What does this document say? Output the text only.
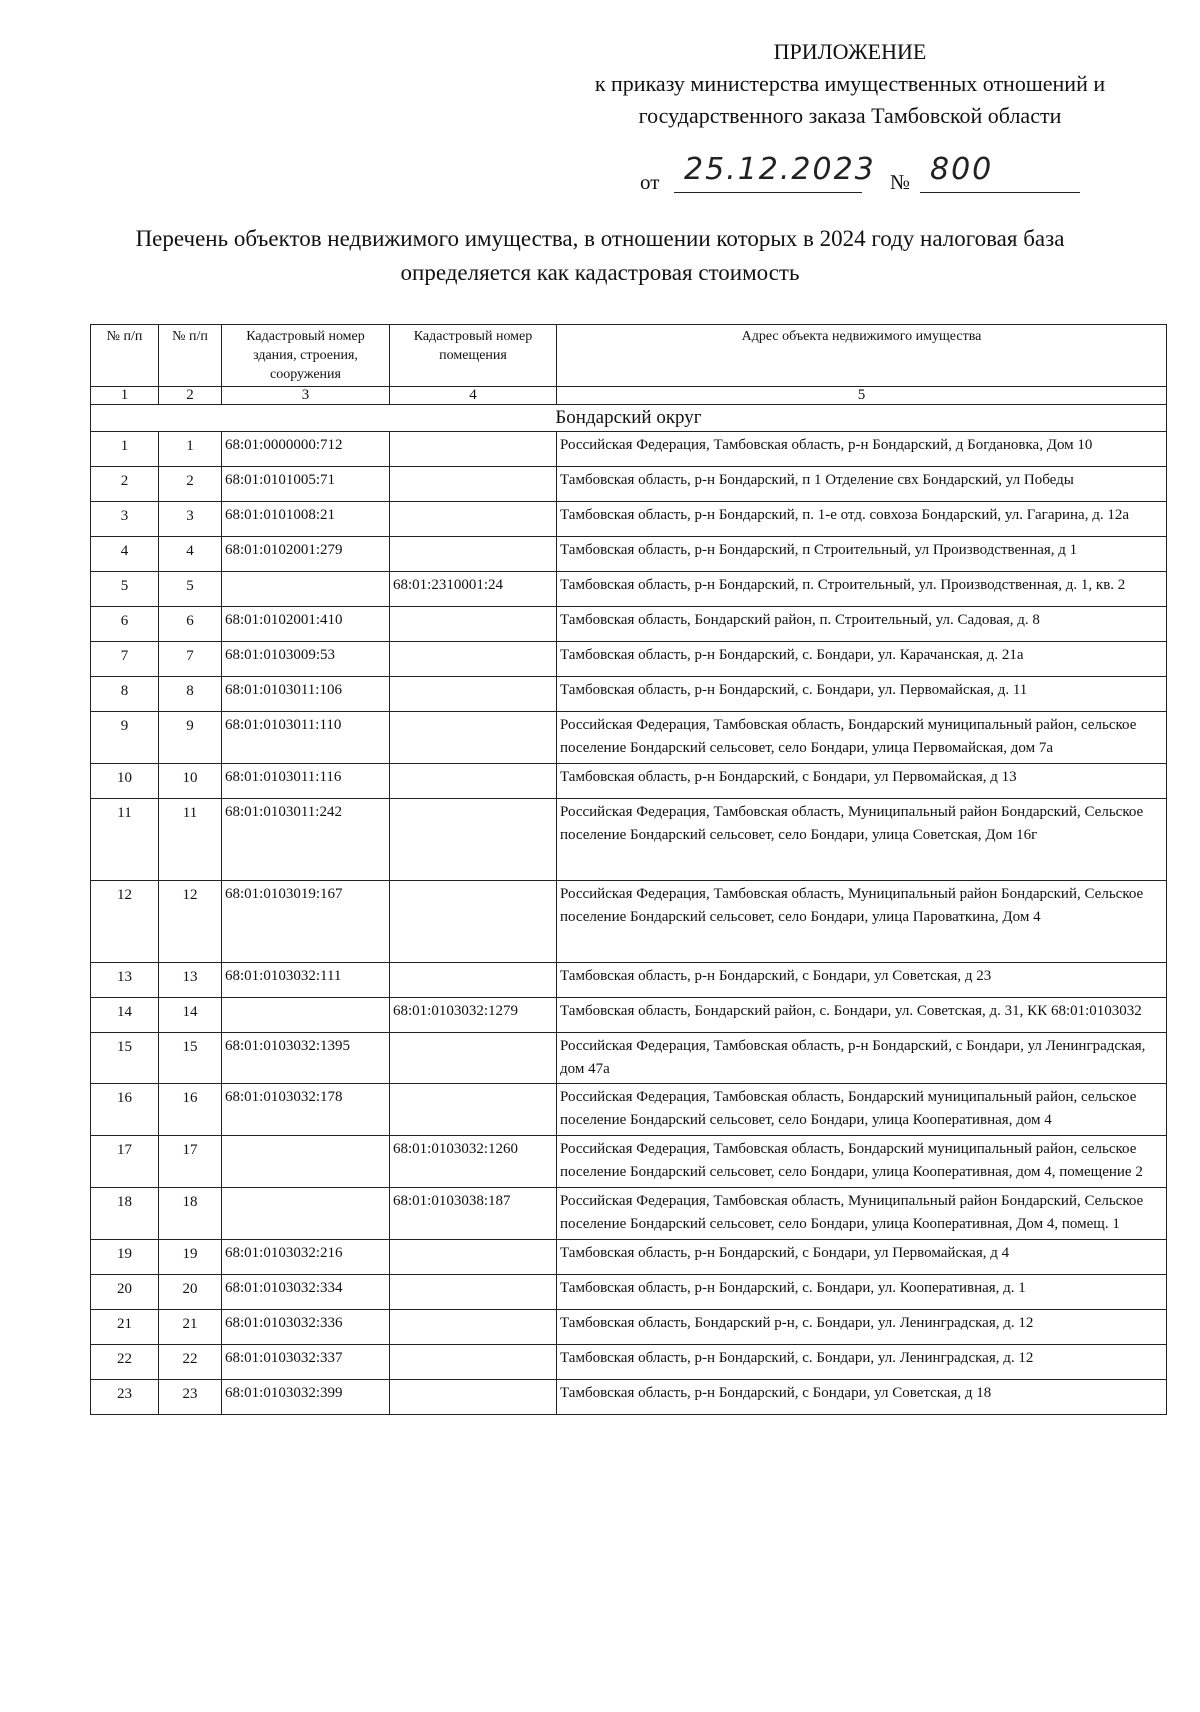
ПРИЛОЖЕНИЕ
к приказу министерства имущественных отношений и
государственного заказа Тамбовской области
от 25.12.2023 № 800
Перечень объектов недвижимого имущества, в отношении которых в 2024 году налоговая база
определяется как кадастровая стоимость
№ п/п	№ п/п	Кадастровый номер здания, строения, сооружения	Кадастровый номер помещения	Адрес объекта недвижимого имущества
1	2	3	4	5
Бондарский округ				
1	1	68:01:0000000:712		Российская Федерация, Тамбовская область, р-н Бондарский, д Богдановка, Дом 10
2	2	68:01:0101005:71		Тамбовская область, р-н Бондарский, п 1 Отделение свх Бондарский, ул Победы
3	3	68:01:0101008:21		Тамбовская область, р-н Бондарский, п. 1-е отд. совхоза Бондарский, ул. Гагарина, д. 12а
4	4	68:01:0102001:279		Тамбовская область, р-н Бондарский, п Строительный, ул Производственная, д 1
5	5		68:01:2310001:24	Тамбовская область, р-н Бондарский, п. Строительный, ул. Производственная, д. 1, кв. 2
6	6	68:01:0102001:410		Тамбовская область, Бондарский район, п. Строительный, ул. Садовая, д. 8
7	7	68:01:0103009:53		Тамбовская область, р-н Бондарский, с. Бондари, ул. Карачанская, д. 21а
8	8	68:01:0103011:106		Тамбовская область, р-н Бондарский, с. Бондари, ул. Первомайская, д. 11
9	9	68:01:0103011:110		Российская Федерация, Тамбовская область, Бондарский муниципальный район, сельское поселение Бондарский сельсовет, село Бондари, улица Первомайская, дом 7а
10	10	68:01:0103011:116		Тамбовская область, р-н Бондарский, с Бондари, ул Первомайская, д 13
11	11	68:01:0103011:242		Российская Федерация, Тамбовская область, Муниципальный район Бондарский, Сельское поселение Бондарский сельсовет, село Бондари, улица Советская, Дом 16г
12	12	68:01:0103019:167		Российская Федерация, Тамбовская область, Муниципальный район Бондарский, Сельское поселение Бондарский сельсовет, село Бондари, улица Пароваткина, Дом 4
13	13	68:01:0103032:111		Тамбовская область, р-н Бондарский, с Бондари, ул Советская, д 23
14	14		68:01:0103032:1279	Тамбовская область, Бондарский район, с. Бондари, ул. Советская, д. 31, КК 68:01:0103032
15	15	68:01:0103032:1395		Российская Федерация, Тамбовская область, р-н Бондарский, с Бондари, ул Ленинградская, дом 47а
16	16	68:01:0103032:178		Российская Федерация, Тамбовская область, Бондарский муниципальный район, сельское поселение Бондарский сельсовет, село Бондари, улица Кооперативная, дом 4
17	17		68:01:0103032:1260	Российская Федерация, Тамбовская область, Бондарский муниципальный район, сельское поселение Бондарский сельсовет, село Бондари, улица Кооперативная, дом 4, помещение 2
18	18		68:01:0103038:187	Российская Федерация, Тамбовская область, Муниципальный район Бондарский, Сельское поселение Бондарский сельсовет, село Бондари, улица Кооперативная, Дом 4, помещ. 1
19	19	68:01:0103032:216		Тамбовская область, р-н Бондарский, с Бондари, ул Первомайская, д 4
20	20	68:01:0103032:334		Тамбовская область, р-н Бондарский, с. Бондари, ул. Кооперативная, д. 1
21	21	68:01:0103032:336		Тамбовская область, Бондарский р-н, с. Бондари, ул. Ленинградская, д. 12
22	22	68:01:0103032:337		Тамбовская область, р-н Бондарский, с. Бондари, ул. Ленинградская, д. 12
23	23	68:01:0103032:399		Тамбовская область, р-н Бондарский, с Бондари, ул Советская, д 18
